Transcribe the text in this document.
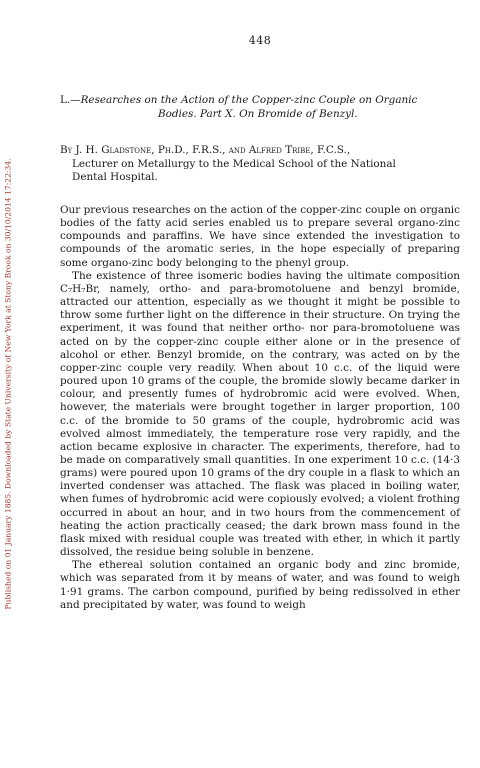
Published on 01 January 1885. Downloaded by State University of New York at Stony Brook on 30/10/2014 17:22:34.
448
L.—Researches on the Action of the Copper-zinc Couple on Organic
Bodies. Part X. On Bromide of Benzyl.
By J. H. Gladstone, Ph.D., F.R.S., and Alfred Tribe, F.C.S.,
Lecturer on Metallurgy to the Medical School of the National
Dental Hospital.

Our previous researches on the action of the copper-zinc couple on organic bodies of the fatty acid series enabled us to prepare several organo-zinc compounds and paraffins. We have since extended the investigation to compounds of the aromatic series, in the hope especially of preparing some organo-zinc body belonging to the phenyl group.

The existence of three isomeric bodies having the ultimate composition C₇H₇Br, namely, ortho- and para-bromotoluene and benzyl bromide, attracted our attention, especially as we thought it might be possible to throw some further light on the difference in their structure. On trying the experiment, it was found that neither ortho- nor para-bromotoluene was acted on by the copper-zinc couple either alone or in the presence of alcohol or ether. Benzyl bromide, on the contrary, was acted on by the copper-zinc couple very readily. When about 10 c.c. of the liquid were poured upon 10 grams of the couple, the bromide slowly became darker in colour, and presently fumes of hydrobromic acid were evolved. When, however, the materials were brought together in larger proportion, 100 c.c. of the bromide to 50 grams of the couple, hydrobromic acid was evolved almost immediately, the temperature rose very rapidly, and the action became explosive in character. The experiments, therefore, had to be made on comparatively small quantities. In one experiment 10 c.c. (14·3 grams) were poured upon 10 grams of the dry couple in a flask to which an inverted condenser was attached. The flask was placed in boiling water, when fumes of hydrobromic acid were copiously evolved; a violent frothing occurred in about an hour, and in two hours from the commencement of heating the action practically ceased; the dark brown mass found in the flask mixed with residual couple was treated with ether, in which it partly dissolved, the residue being soluble in benzene.

The ethereal solution contained an organic body and zinc bromide, which was separated from it by means of water, and was found to weigh 1·91 grams. The carbon compound, purified by being redissolved in ether and precipitated by water, was found to weigh
